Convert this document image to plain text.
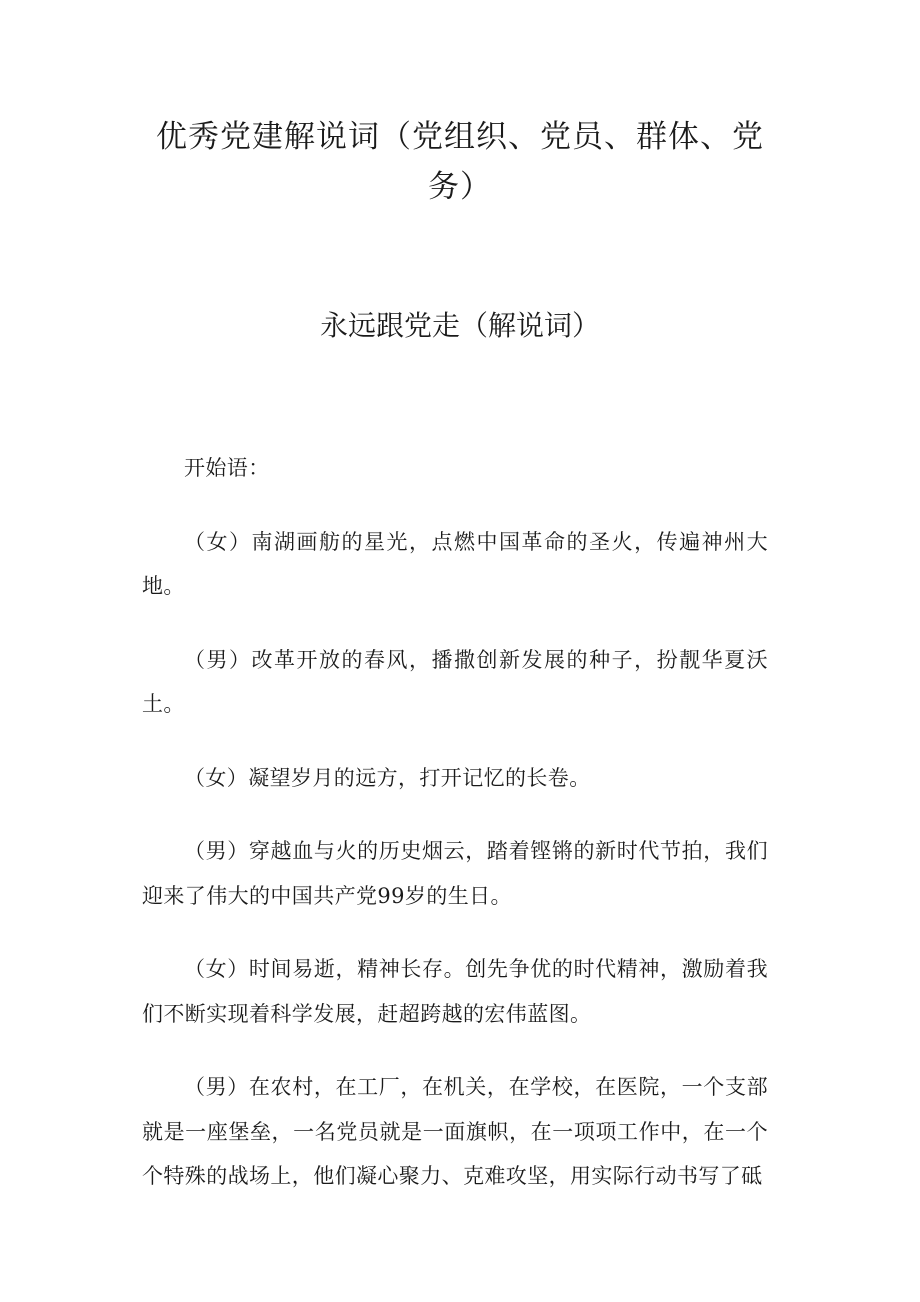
优秀党建解说词（党组织、党员、群体、党务）
永远跟党走（解说词）

开始语：

（女）南湖画舫的星光，点燃中国革命的圣火，传遍神州大地。

（男）改革开放的春风，播撒创新发展的种子，扮靓华夏沃土。

（女）凝望岁月的远方，打开记忆的长卷。

（男）穿越血与火的历史烟云，踏着铿锵的新时代节拍，我们迎来了伟大的中国共产党99岁的生日。

（女）时间易逝，精神长存。创先争优的时代精神，激励着我们不断实现着科学发展，赶超跨越的宏伟蓝图。

（男）在农村，在工厂，在机关，在学校，在医院，一个支部就是一座堡垒，一名党员就是一面旗帜，在一项项工作中，在一个个特殊的战场上，他们凝心聚力、克难攻坚，用实际行动书写了砥
